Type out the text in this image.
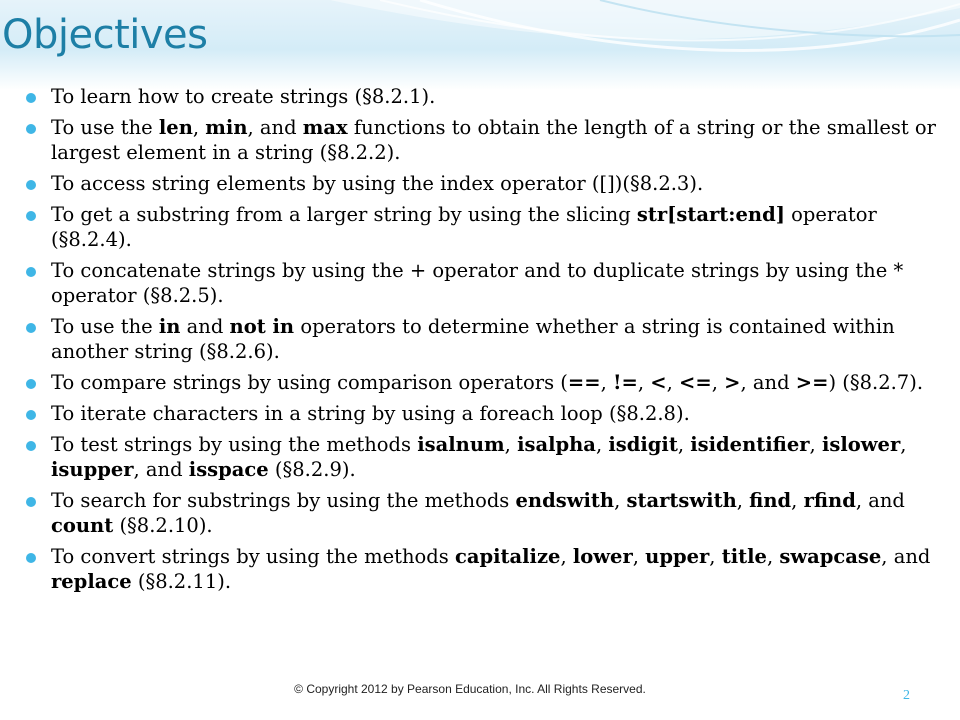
Objectives
To learn how to create strings (§8.2.1).
To use the len, min, and max functions to obtain the length of a string or the smallest or largest element in a string (§8.2.2).
To access string elements by using the index operator ([])(§8.2.3).
To get a substring from a larger string by using the slicing str[start:end] operator (§8.2.4).
To concatenate strings by using the + operator and to duplicate strings by using the * operator (§8.2.5).
To use the in and not in operators to determine whether a string is contained within another string (§8.2.6).
To compare strings by using comparison operators (==, !=, <, <=, >, and >=) (§8.2.7).
To iterate characters in a string by using a foreach loop (§8.2.8).
To test strings by using the methods isalnum, isalpha, isdigit, isidentifier, islower, isupper, and isspace (§8.2.9).
To search for substrings by using the methods endswith, startswith, find, rfind, and count (§8.2.10).
To convert strings by using the methods capitalize, lower, upper, title, swapcase, and replace (§8.2.11).
© Copyright 2012 by Pearson Education, Inc. All Rights Reserved.	2
